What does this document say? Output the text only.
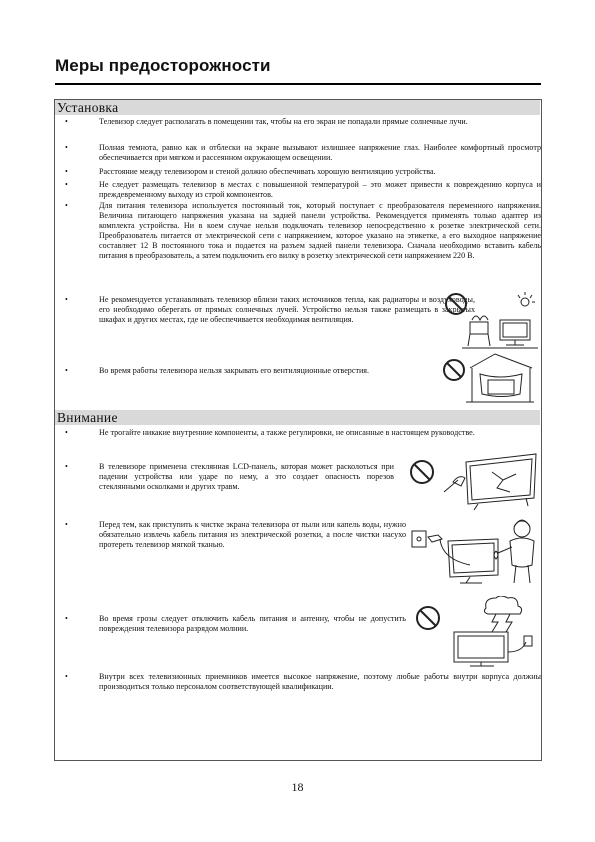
Меры предосторожности
Установка
•	Телевизор следует располагать в помещении так, чтобы на его экран не попадали прямые солнечные лучи.
•	Полная темнота, равно как и отблески на экране вызывают излишнее напряжение глаз. Наиболее комфортный просмотр обеспечивается при мягком и рассеянном окружающем освещении.
•	Расстояние между телевизором и стеной должно обеспечивать хорошую вентиляцию устройства.
•	Не следует размещать телевизор в местах с повышенной температурой – это может привести к повреждению корпуса и преждевременному выходу из строй компонентов.
•	Для питания телевизора используется постоянный ток, который поступает с преобразователя переменного напряжения. Величина питающего напряжения указана на задней панели устройства. Рекомендуется применять только адаптер из комплекта устройства. Ни в коем случае нельзя подключать телевизор непосредственно к розетке электрической сети. Преобразователь питается от электрической сети с напряжением, которое указано на этикетке, а его выходное напряжение составляет 12 В постоянного тока и подается на разъем задней панели телевизора. Сначала необходимо вставить кабель питания в преобразователь, а затем подключить его вилку в розетку электрической сети напряжением 220 В.
•	Не рекомендуется устанавливать телевизор вблизи таких источников тепла, как радиаторы и воздуховоды, его необходимо оберегать от прямых солнечных лучей. Устройство нельзя также размещать в закрытых шкафах и других местах, где не обеспечивается необходимая вентиляция.
•	Во время работы телевизора нельзя закрывать его вентиляционные отверстия.
Внимание
•	Не трогайте никакие внутренние компоненты, а также регулировки, не описанные в настоящем руководстве.
•	В телевизоре применена стеклянная LCD-панель, которая может расколоться при падении устройства или ударе по нему, а это создает опасность порезов стеклянными осколками и других травм.
•	Перед тем, как приступить к чистке экрана телевизора от пыли или капель воды, нужно обязательно извлечь кабель питания из электрической розетки, а после чистки насухо протереть телевизор мягкой тканью.
•	Во время грозы следует отключить кабель питания и антенну, чтобы не допустить повреждения телевизора разрядом молнии.
•	Внутри всех телевизионных приемников имеется высокое напряжение, поэтому любые работы внутри корпуса должны производиться только персоналом соответствующей квалификации.
18
